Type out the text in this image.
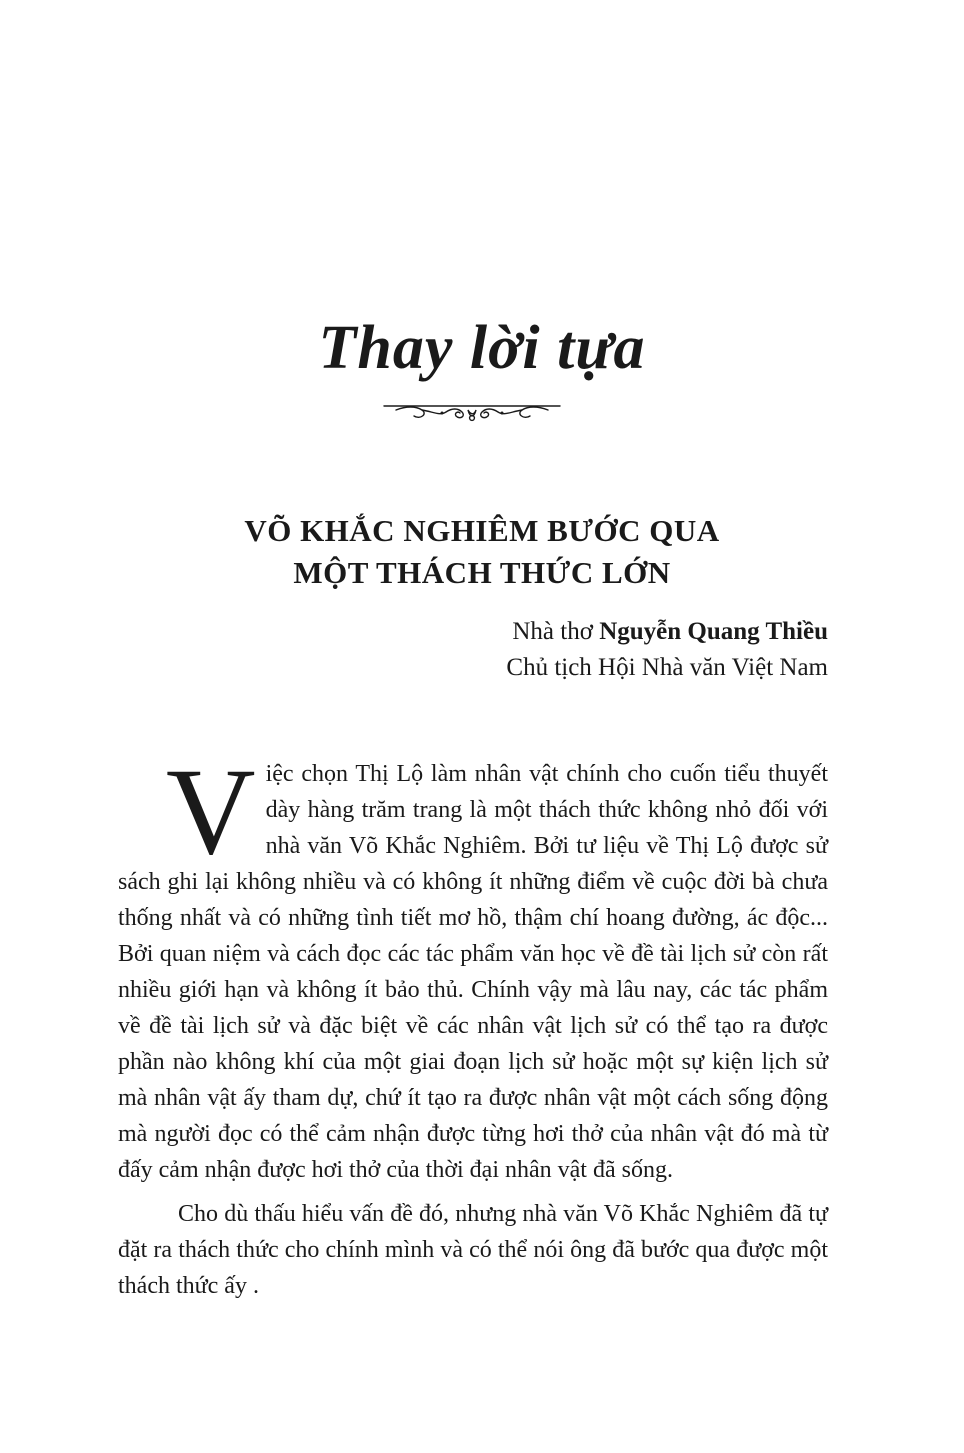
Thay lời tựa
VÕ KHẮC NGHIÊM BƯỚC QUA
MỘT THÁCH THỨC LỚN
Nhà thơ Nguyễn Quang Thiều
Chủ tịch Hội Nhà văn Việt Nam

Việc chọn Thị Lộ làm nhân vật chính cho cuốn tiểu thuyết dày hàng trăm trang là một thách thức không nhỏ đối với nhà văn Võ Khắc Nghiêm. Bởi tư liệu về Thị Lộ được sử sách ghi lại không nhiều và có không ít những điểm về cuộc đời bà chưa thống nhất và có những tình tiết mơ hồ, thậm chí hoang đường, ác độc... Bởi quan niệm và cách đọc các tác phẩm văn học về đề tài lịch sử còn rất nhiều giới hạn và không ít bảo thủ. Chính vậy mà lâu nay, các tác phẩm về đề tài lịch sử và đặc biệt về các nhân vật lịch sử có thể tạo ra được phần nào không khí của một giai đoạn lịch sử hoặc một sự kiện lịch sử mà nhân vật ấy tham dự, chứ ít tạo ra được nhân vật một cách sống động mà người đọc có thể cảm nhận được từng hơi thở của nhân vật đó mà từ đấy cảm nhận được hơi thở của thời đại nhân vật đã sống.

Cho dù thấu hiểu vấn đề đó, nhưng nhà văn Võ Khắc Nghiêm đã tự đặt ra thách thức cho chính mình và có thể nói ông đã bước qua được một thách thức ấy .
